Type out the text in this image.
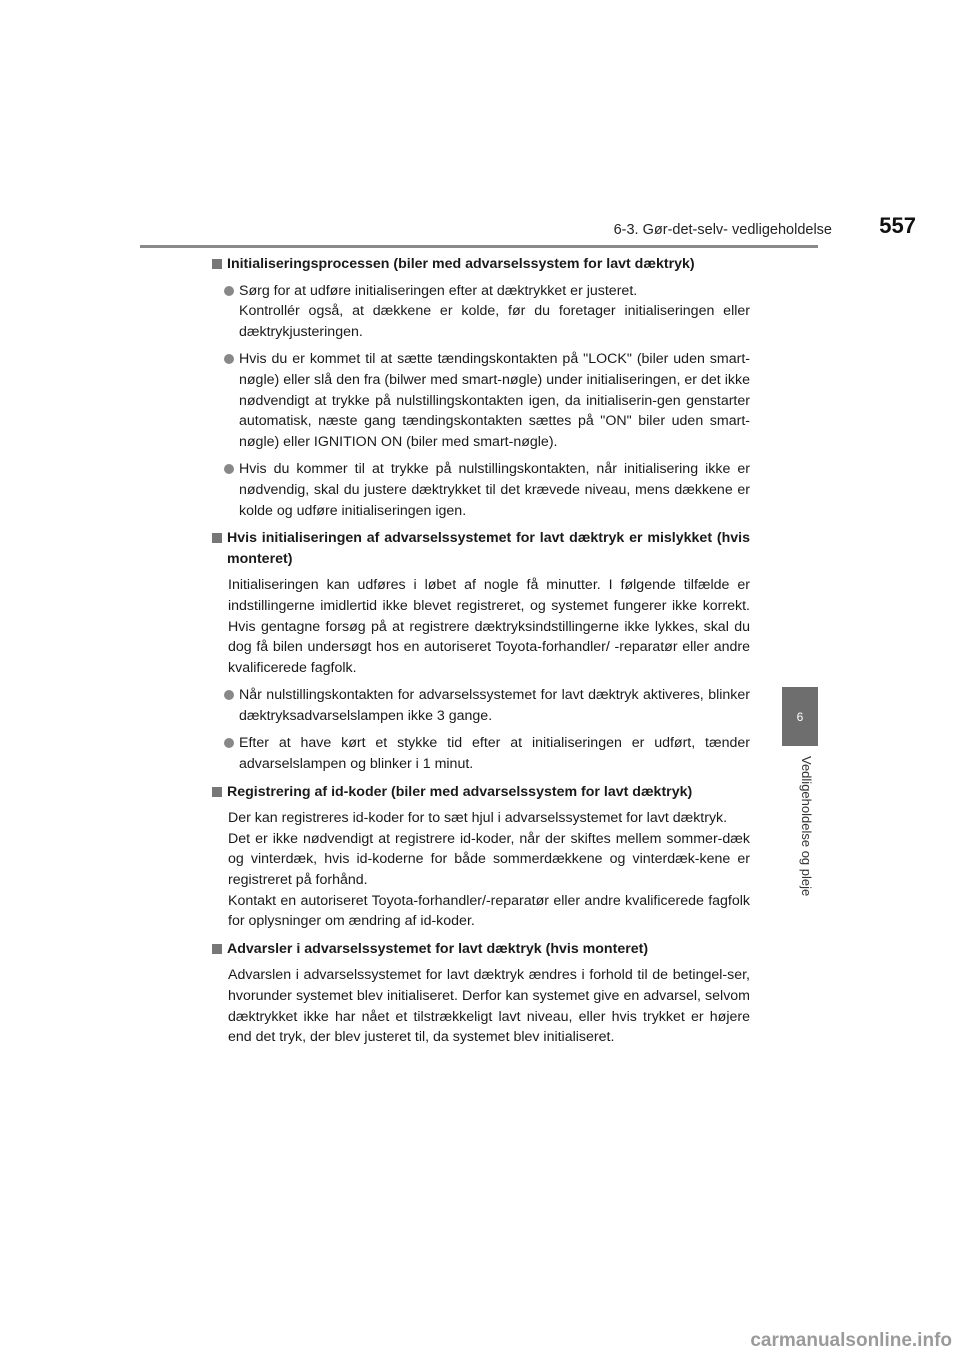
6-3. Gør-det-selv- vedligeholdelse 557
6
Vedligeholdelse og pleje
Initialiseringsprocessen (biler med advarselssystem for lavt dæktryk)
Sørg for at udføre initialiseringen efter at dæktrykket er justeret.
Kontrollér også, at dækkene er kolde, før du foretager initialiseringen eller dæktrykjusteringen.
Hvis du er kommet til at sætte tændingskontakten på "LOCK" (biler uden smart-nøgle) eller slå den fra (bilwer med smart-nøgle) under initialiseringen, er det ikke nødvendigt at trykke på nulstillingskontakten igen, da initialiserin-gen genstarter automatisk, næste gang tændingskontakten sættes på "ON" biler uden smart-nøgle) eller IGNITION ON (biler med smart-nøgle).
Hvis du kommer til at trykke på nulstillingskontakten, når initialisering ikke er nødvendig, skal du justere dæktrykket til det krævede niveau, mens dækkene er kolde og udføre initialiseringen igen.
Hvis initialiseringen af advarselssystemet for lavt dæktryk er mislykket (hvis monteret)
Initialiseringen kan udføres i løbet af nogle få minutter. I følgende tilfælde er indstillingerne imidlertid ikke blevet registreret, og systemet fungerer ikke korrekt. Hvis gentagne forsøg på at registrere dæktryksindstillingerne ikke lykkes, skal du dog få bilen undersøgt hos en autoriseret Toyota-forhandler/ -reparatør eller andre kvalificerede fagfolk.
Når nulstillingskontakten for advarselssystemet for lavt dæktryk aktiveres, blinker dæktryksadvarselslampen ikke 3 gange.
Efter at have kørt et stykke tid efter at initialiseringen er udført, tænder advarselslampen og blinker i 1 minut.
Registrering af id-koder (biler med advarselssystem for lavt dæktryk)

Der kan registreres id-koder for to sæt hjul i advarselssystemet for lavt dæktryk.

Det er ikke nødvendigt at registrere id-koder, når der skiftes mellem sommer-dæk og vinterdæk, hvis id-koderne for både sommerdækkene og vinterdæk-kene er registreret på forhånd.

Kontakt en autoriseret Toyota-forhandler/-reparatør eller andre kvalificerede fagfolk for oplysninger om ændring af id-koder.

Advarsler i advarselssystemet for lavt dæktryk (hvis monteret)
Advarslen i advarselssystemet for lavt dæktryk ændres i forhold til de betingel-ser, hvorunder systemet blev initialiseret. Derfor kan systemet give en advarsel, selvom dæktrykket ikke har nået et tilstrækkeligt lavt niveau, eller hvis trykket er højere end det tryk, der blev justeret til, da systemet blev initialiseret.
carmanualsonline.info
